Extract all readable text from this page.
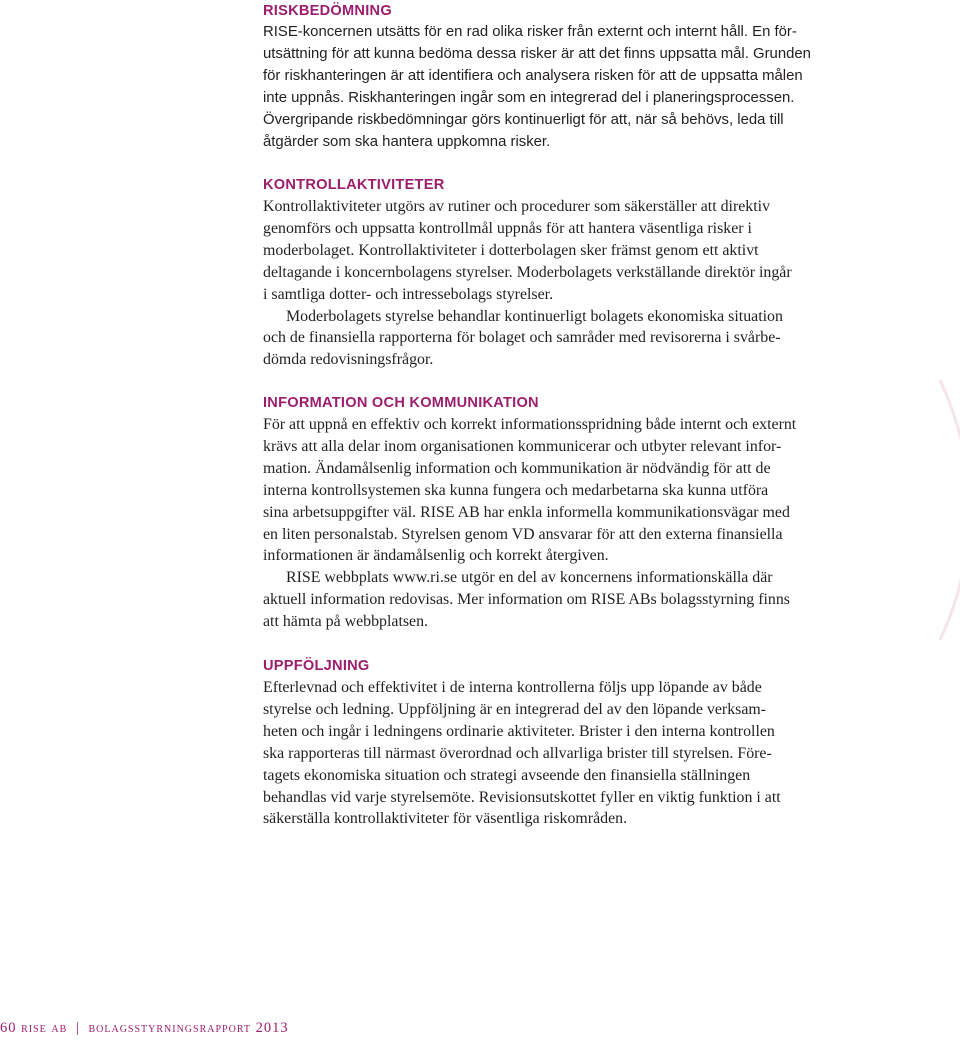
RISKBEDÖMNING

RISE-koncernen utsätts för en rad olika risker från externt och internt håll. En för-
utsättning för att kunna bedöma dessa risker är att det finns uppsatta mål. Grunden
för riskhanteringen är att identifiera och analysera risken för att de uppsatta målen
inte uppnås. Riskhanteringen ingår som en integrerad del i planeringsprocessen.
Övergripande riskbedömningar görs kontinuerligt för att, när så behövs, leda till
åtgärder som ska hantera uppkomna risker.

KONTROLLAKTIVITETER

Kontrollaktiviteter utgörs av rutiner och procedurer som säkerställer att direktiv
genomförs och uppsatta kontrollmål uppnås för att hantera väsentliga risker i
moderbolaget. Kontrollaktiviteter i dotterbolagen sker främst genom ett aktivt
deltagande i koncernbolagens styrelser. Moderbolagets verkställande direktör ingår
i samtliga dotter- och intressebolags styrelser.

Moderbolagets styrelse behandlar kontinuerligt bolagets ekonomiska situation
och de finansiella rapporterna för bolaget och samråder med revisorerna i svårbe-
dömda redovisningsfrågor.

INFORMATION OCH KOMMUNIKATION

För att uppnå en effektiv och korrekt informationsspridning både internt och externt
krävs att alla delar inom organisationen kommunicerar och utbyter relevant infor-
mation. Ändamålsenlig information och kommunikation är nödvändig för att de
interna kontrollsystemen ska kunna fungera och medarbetarna ska kunna utföra
sina arbetsuppgifter väl. RISE AB har enkla informella kommunikationsvägar med
en liten personalstab. Styrelsen genom VD ansvarar för att den externa finansiella
informationen är ändamålsenlig och korrekt återgiven.

RISE webbplats www.ri.se utgör en del av koncernens informationskälla där
aktuell information redovisas. Mer information om RISE ABs bolagsstyrning finns
att hämta på webbplatsen.

UPPFÖLJNING

Efterlevnad och effektivitet i de interna kontrollerna följs upp löpande av både
styrelse och ledning. Uppföljning är en integrerad del av den löpande verksam-
heten och ingår i ledningens ordinarie aktiviteter. Brister i den interna kontrollen
ska rapporteras till närmast överordnad och allvarliga brister till styrelsen. Före-
tagets ekonomiska situation och strategi avseende den finansiella ställningen
behandlas vid varje styrelsemöte. Revisionsutskottet fyller en viktig funktion i att
säkerställa kontrollaktiviteter för väsentliga riskområden.

60 rise ab | bolagsstyrningsrapport 2013
